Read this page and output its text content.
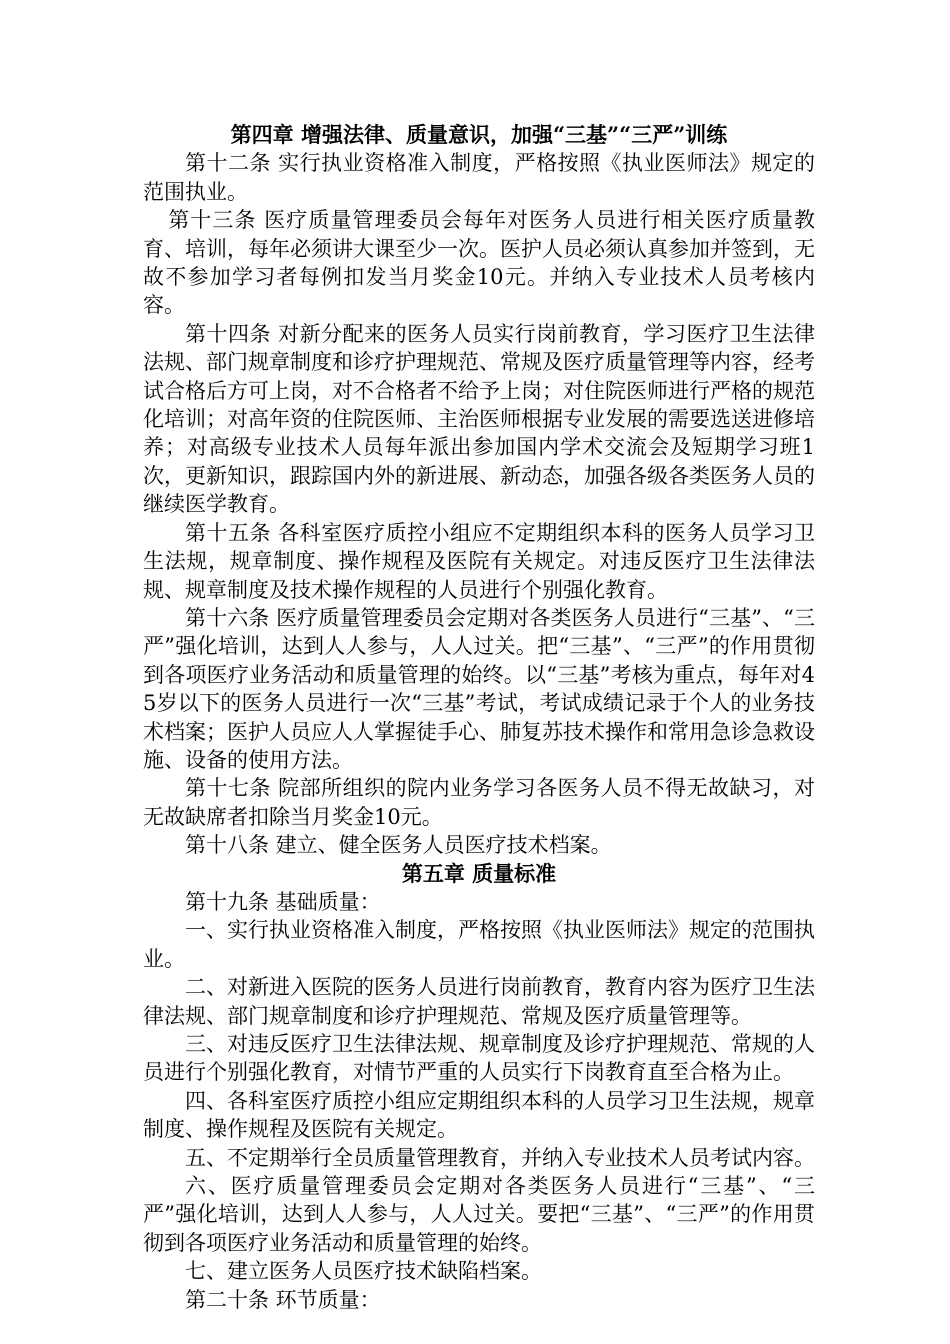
第四章 增强法律、质量意识，加强“三基”“三严”训练

第十二条 实行执业资格准入制度，严格按照《执业医师法》规定的范围执业。

第十三条 医疗质量管理委员会每年对医务人员进行相关医疗质量教育、培训，每年必须讲大课至少一次。医护人员必须认真参加并签到，无故不参加学习者每例扣发当月奖金10元。并纳入专业技术人员考核内容。

第十四条 对新分配来的医务人员实行岗前教育，学习医疗卫生法律法规、部门规章制度和诊疗护理规范、常规及医疗质量管理等内容，经考试合格后方可上岗，对不合格者不给予上岗；对住院医师进行严格的规范化培训；对高年资的住院医师、主治医师根据专业发展的需要选送进修培养；对高级专业技术人员每年派出参加国内学术交流会及短期学习班1次，更新知识，跟踪国内外的新进展、新动态，加强各级各类医务人员的继续医学教育。

第十五条 各科室医疗质控小组应不定期组织本科的医务人员学习卫生法规，规章制度、操作规程及医院有关规定。对违反医疗卫生法律法规、规章制度及技术操作规程的人员进行个别强化教育。

第十六条 医疗质量管理委员会定期对各类医务人员进行“三基”、“三严”强化培训，达到人人参与，人人过关。把“三基”、“三严”的作用贯彻到各项医疗业务活动和质量管理的始终。以“三基”考核为重点，每年对45岁以下的医务人员进行一次“三基”考试，考试成绩记录于个人的业务技术档案；医护人员应人人掌握徒手心、肺复苏技术操作和常用急诊急救设施、设备的使用方法。

第十七条 院部所组织的院内业务学习各医务人员不得无故缺习，对无故缺席者扣除当月奖金10元。

第十八条 建立、健全医务人员医疗技术档案。

第五章 质量标准

第十九条 基础质量：

一、实行执业资格准入制度，严格按照《执业医师法》规定的范围执业。

二、对新进入医院的医务人员进行岗前教育，教育内容为医疗卫生法律法规、部门规章制度和诊疗护理规范、常规及医疗质量管理等。

三、对违反医疗卫生法律法规、规章制度及诊疗护理规范、常规的人员进行个别强化教育，对情节严重的人员实行下岗教育直至合格为止。

四、各科室医疗质控小组应定期组织本科的人员学习卫生法规，规章制度、操作规程及医院有关规定。

五、不定期举行全员质量管理教育，并纳入专业技术人员考试内容。

六、医疗质量管理委员会定期对各类医务人员进行“三基”、“三严”强化培训，达到人人参与，人人过关。要把“三基”、“三严”的作用贯彻到各项医疗业务活动和质量管理的始终。

七、建立医务人员医疗技术缺陷档案。

第二十条 环节质量：
